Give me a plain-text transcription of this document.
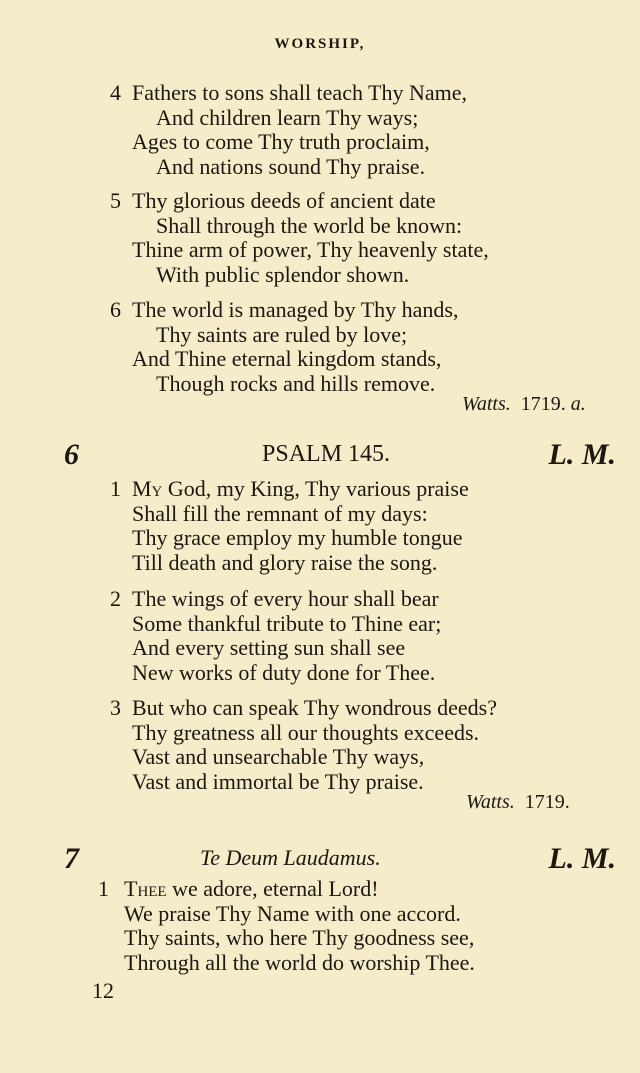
WORSHIP,
4 Fathers to sons shall teach Thy Name,
And children learn Thy ways;
Ages to come Thy truth proclaim,
And nations sound Thy praise.
5 Thy glorious deeds of ancient date
Shall through the world be known:
Thine arm of power, Thy heavenly state,
With public splendor shown.
6 The world is managed by Thy hands,
Thy saints are ruled by love;
And Thine eternal kingdom stands,
Though rocks and hills remove.
Watts. 1719. a.
6	PSALM 145.	L. M.
1 My God, my King, Thy various praise
Shall fill the remnant of my days:
Thy grace employ my humble tongue
Till death and glory raise the song.
2 The wings of every hour shall bear
Some thankful tribute to Thine ear;
And every setting sun shall see
New works of duty done for Thee.
3 But who can speak Thy wondrous deeds?
Thy greatness all our thoughts exceeds.
Vast and unsearchable Thy ways,
Vast and immortal be Thy praise.
Watts. 1719.
7	Te Deum Laudamus.	L. M.
1 Thee we adore, eternal Lord!
We praise Thy Name with one accord.
Thy saints, who here Thy goodness see,
Through all the world do worship Thee.
12
